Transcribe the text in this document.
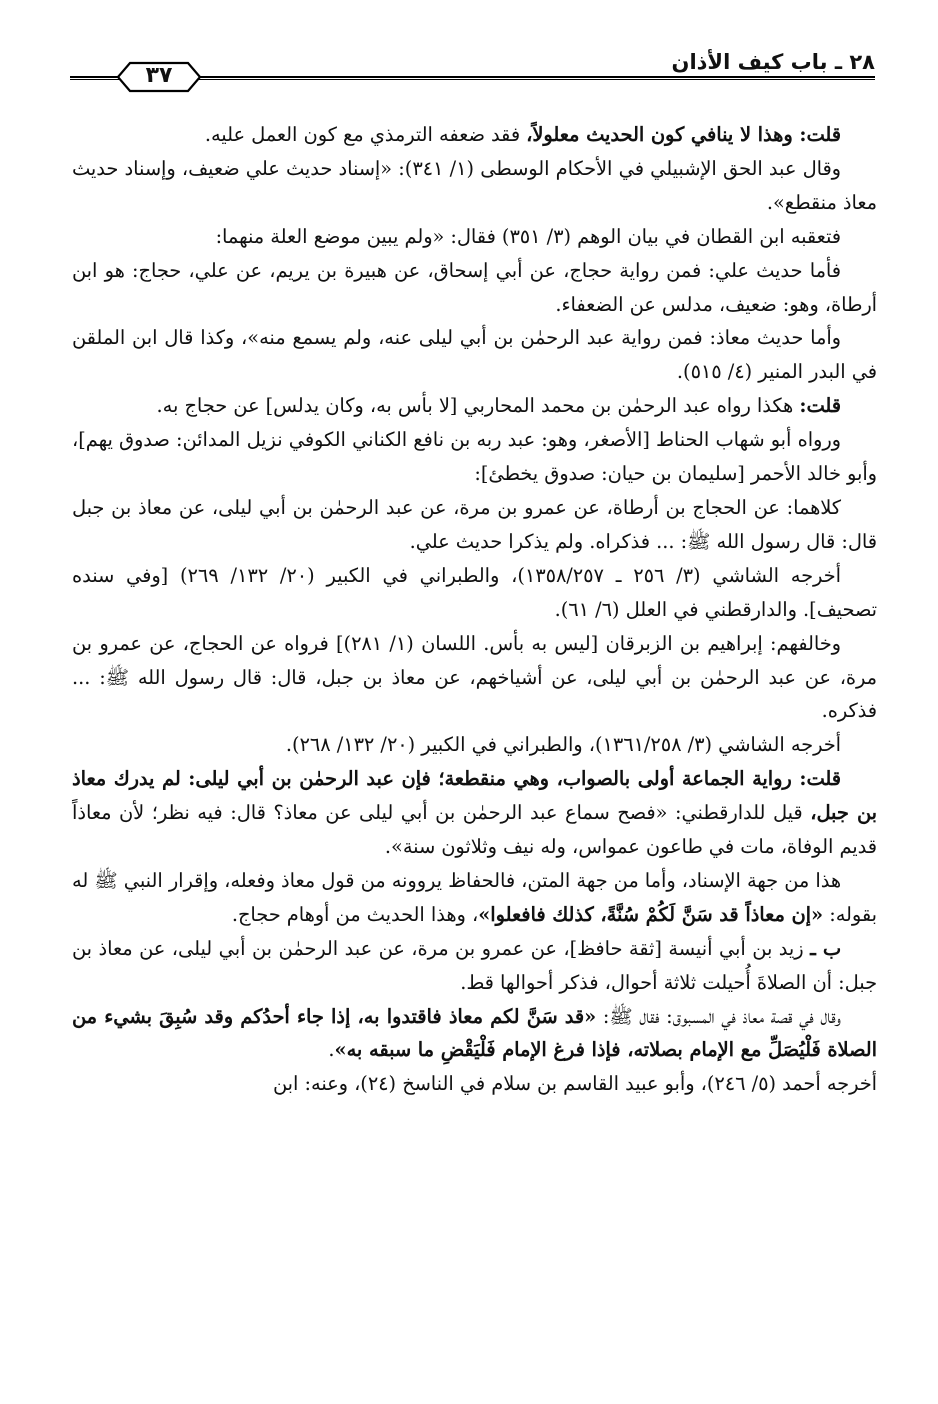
٢٨ ـ باب كيف الأذان
٣٧

قلت: وهذا لا ينافي كون الحديث معلولاً، فقد ضعفه الترمذي مع كون العمل عليه.

وقال عبد الحق الإشبيلي في الأحكام الوسطى (١/ ٣٤١): «إسناد حديث علي ضعيف، وإسناد حديث معاذ منقطع».

فتعقبه ابن القطان في بيان الوهم (٣/ ٣٥١) فقال: «ولم يبين موضع العلة منهما:

فأما حديث علي: فمن رواية حجاج، عن أبي إسحاق، عن هبيرة بن يريم، عن علي، حجاج: هو ابن أرطاة، وهو: ضعيف، مدلس عن الضعفاء.

وأما حديث معاذ: فمن رواية عبد الرحمٰن بن أبي ليلى عنه، ولم يسمع منه»، وكذا قال ابن الملقن في البدر المنير (٤/ ٥١٥).

قلت: هكذا رواه عبد الرحمٰن بن محمد المحاربي [لا بأس به، وكان يدلس] عن حجاج به.

ورواه أبو شهاب الحناط [الأصغر، وهو: عبد ربه بن نافع الكناني الكوفي نزيل المدائن: صدوق يهم]، وأبو خالد الأحمر [سليمان بن حيان: صدوق يخطئ]:

كلاهما: عن الحجاج بن أرطاة، عن عمرو بن مرة، عن عبد الرحمٰن بن أبي ليلى، عن معاذ بن جبل قال: قال رسول الله ﷺ: ... فذكراه. ولم يذكرا حديث علي.

أخرجه الشاشي (٣/ ٢٥٦ ـ ١٣٥٨/٢٥٧)، والطبراني في الكبير (٢٠/ ١٣٢/ ٢٦٩) [وفي سنده تصحيف]. والدارقطني في العلل (٦/ ٦١).

وخالفهم: إبراهيم بن الزبرقان [ليس به بأس. اللسان (١/ ٢٨١)] فرواه عن الحجاج، عن عمرو بن مرة، عن عبد الرحمٰن بن أبي ليلى، عن أشياخهم، عن معاذ بن جبل، قال: قال رسول الله ﷺ: ... فذكره.

أخرجه الشاشي (٣/ ١٣٦١/٢٥٨)، والطبراني في الكبير (٢٠/ ١٣٢/ ٢٦٨).

قلت: رواية الجماعة أولى بالصواب، وهي منقطعة؛ فإن عبد الرحمٰن بن أبي ليلى: لم يدرك معاذ بن جبل، قيل للدارقطني: «فصح سماع عبد الرحمٰن بن أبي ليلى عن معاذ؟ قال: فيه نظر؛ لأن معاذاً قديم الوفاة، مات في طاعون عمواس، وله نيف وثلاثون سنة».

هذا من جهة الإسناد، وأما من جهة المتن، فالحفاظ يروونه من قول معاذ وفعله، وإقرار النبي ﷺ له بقوله: «إن معاذاً قد سَنَّ لَكُمْ سُنَّةً، كذلك فافعلوا»، وهذا الحديث من أوهام حجاج.

ب ـ زيد بن أبي أنيسة [ثقة حافظ]، عن عمرو بن مرة، عن عبد الرحمٰن بن أبي ليلى، عن معاذ بن جبل: أن الصلاةَ أُحيلت ثلاثة أحوال، فذكر أحوالها قط.

وقال في قصة معاذ في المسبوق: فقال ﷺ: «قد سَنَّ لكم معاذ فاقتدوا به، إذا جاء أحدُكم وقد سُبِقَ بشيء من الصلاة فَلْيُصَلِّ مع الإمام بصلاته، فإذا فرغ الإمام فَلْيَقْضِ ما سبقه به».

أخرجه أحمد (٥/ ٢٤٦)، وأبو عبيد القاسم بن سلام في الناسخ (٢٤)، وعنه: ابن
